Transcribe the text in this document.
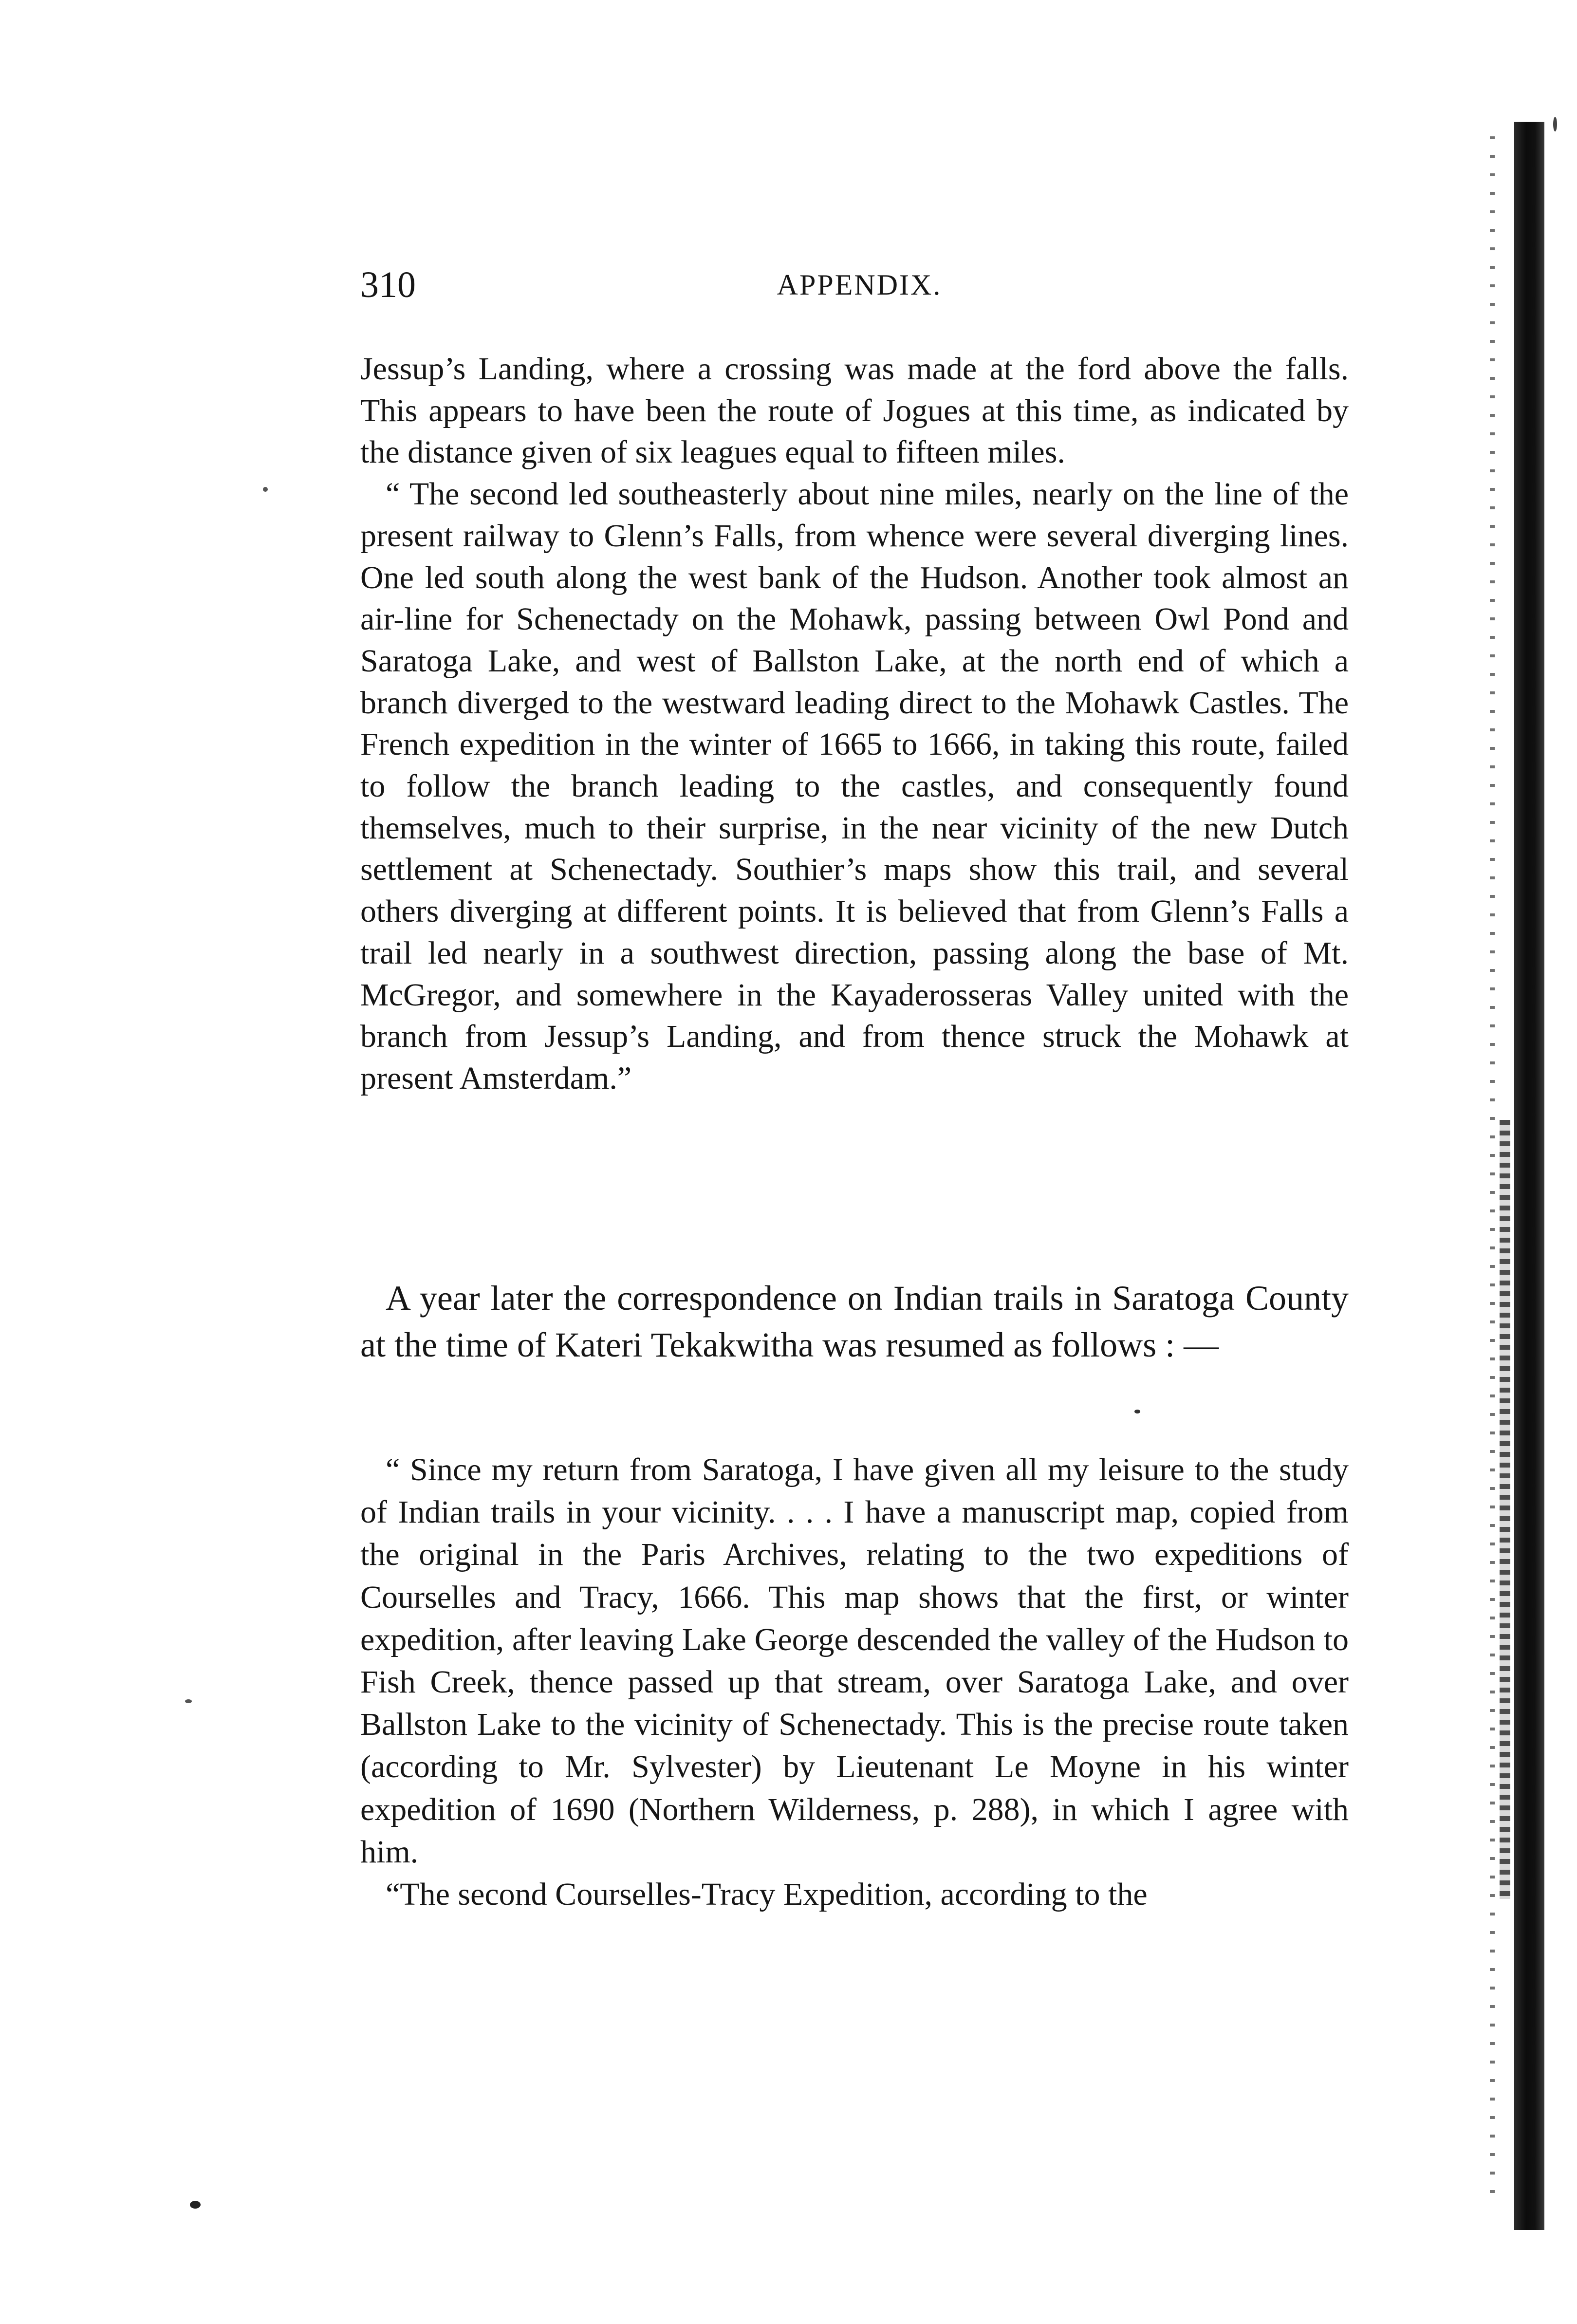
310	APPENDIX.

Jessup’s Landing, where a crossing was made at the ford above the falls. This appears to have been the route of Jogues at this time, as indicated by the distance given of six leagues equal to fifteen miles.

“ The second led southeasterly about nine miles, nearly on the line of the present railway to Glenn’s Falls, from whence were several diverging lines. One led south along the west bank of the Hudson. Another took almost an air-line for Schenectady on the Mohawk, passing between Owl Pond and Saratoga Lake, and west of Ballston Lake, at the north end of which a branch diverged to the westward leading direct to the Mohawk Castles. The French expedition in the winter of 1665 to 1666, in taking this route, failed to follow the branch leading to the castles, and consequently found themselves, much to their surprise, in the near vicinity of the new Dutch settlement at Schenectady. Southier’s maps show this trail, and several others diverging at different points. It is believed that from Glenn’s Falls a trail led nearly in a southwest direction, passing along the base of Mt. McGregor, and somewhere in the Kayaderosseras Valley united with the branch from Jessup’s Landing, and from thence struck the Mohawk at present Amsterdam.”

A year later the correspondence on Indian trails in Saratoga County at the time of Kateri Tekakwitha was resumed as follows : —

“ Since my return from Saratoga, I have given all my leisure to the study of Indian trails in your vicinity. . . . I have a manuscript map, copied from the original in the Paris Archives, relating to the two expeditions of Courselles and Tracy, 1666. This map shows that the first, or winter expedition, after leaving Lake George descended the valley of the Hudson to Fish Creek, thence passed up that stream, over Saratoga Lake, and over Ballston Lake to the vicinity of Schenectady. This is the precise route taken (according to Mr. Sylvester) by Lieutenant Le Moyne in his winter expedition of 1690 (Northern Wilderness, p. 288), in which I agree with him.

“The second Courselles-Tracy Expedition, according to the
